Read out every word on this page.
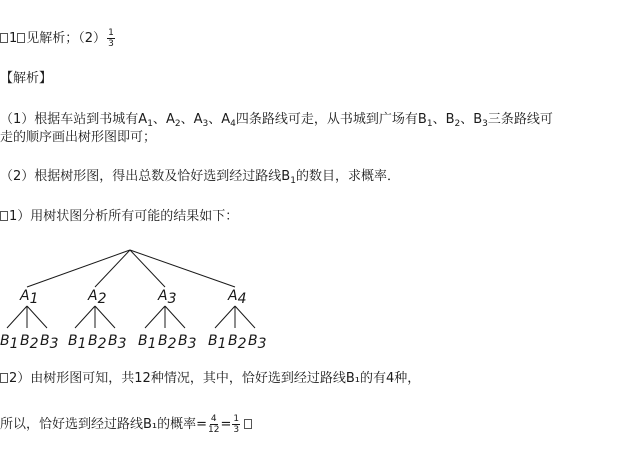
1 见解析；$(2) \frac{1}{3}$
【解析】
（1）根据车站到书城有$A_1$、$A_2$、$A_3$、$A_4$四条路线可走，从书城到广场有$B_1$、$B_2$、$B_3$三条路线可
走的顺序画出树形图即可；
（2）根据树形图，得出总数及恰好选到经过路线$B_1$的数目，求概率．
1）用树状图分析所有可能的结果如下：
A1
B1 B2 B3
A2
B1 B2 B3
A3
B1 B2 B3
A4
B1 B2 B3
2）由树形图可知，共12种情况，其中，恰好选到经过路线B₁的有4种，
所以，恰好选到经过路线B₁的概率= $\frac{4}{12} = \frac{1}{3}$
